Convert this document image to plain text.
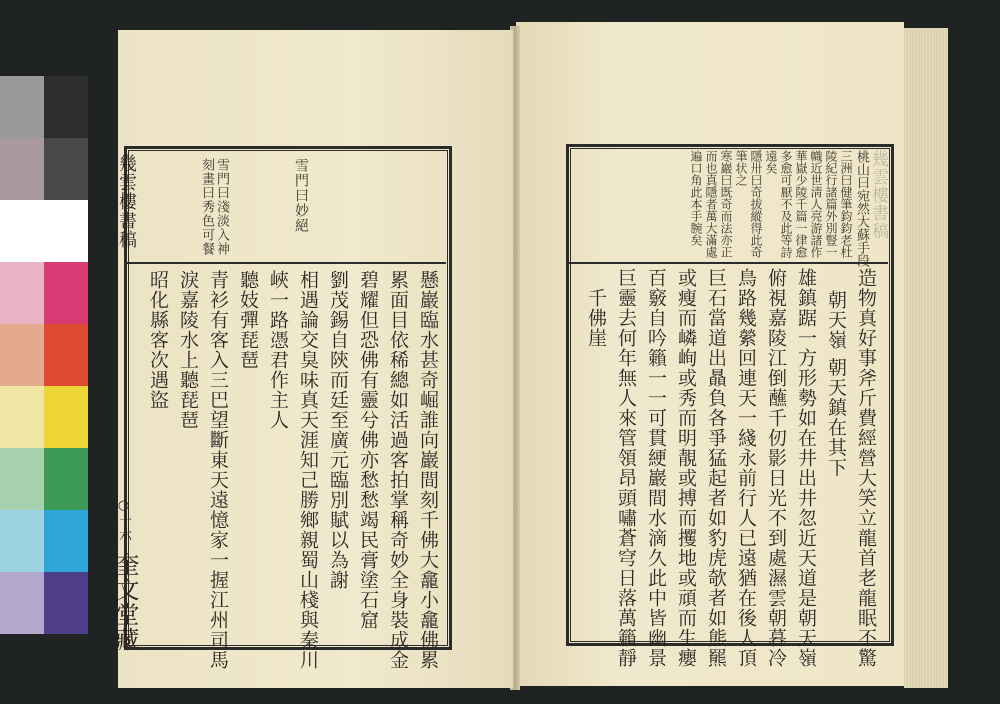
幾雲樓書稿
桃山曰宛然大蘇手段
三洲曰健筆鈞鈞老杜
陵紀行諸篇外別豎一
幟近世淸人亮游諸作
華嶽少陵千篇一律愈
多愈可厭不及此等詩
遠矣
隱卅曰奇拔縱得此奇
筆状之
寒巖曰既奇而法亦正
而也真隱者萬大滿處
遍口角此本手腕矣
造物真好事斧斤費經營大笑立龍首老龍眠不驚
朝天嶺 朝天鎮在其下
雄鎮踞一方形勢如在井出井忽近天道是朝天嶺
俯視嘉陵江倒蘸千仞影日光不到處濕雲朝暮冷
鳥路幾縈回連天一綫永前行人已遠猶在後人頂
巨石當道出贔負各爭猛起者如豹虎欹者如熊羆
或瘦而嶙峋或秀而明靚或搏而攫地或頑而生癭
百竅自吟籟一一可貫綆巖間水滴久此中皆幽景
巨靈去何年無人來管領昂頭嘯蒼穹日落萬籟靜
千佛崖
幾雲樓書稿
○十六
奎文堂藏
雪門曰淺淡入神
刻畫曰秀色可餐	雪門曰妙絕
懸巖臨水甚奇崛誰向巖間刻千佛大龕小龕佛累
累面目依稀總如活過客拍掌稱奇妙全身裝成金
碧耀但恐佛有靈兮佛亦愁愁竭民膏塗石窟
劉茂錫自陝而廷至廣元臨別賦以為謝
相遇論交臭味真天涯知己勝鄉親蜀山棧與秦川
峽一路憑君作主人
聽妓彈琵琶
青衫有客入三巴望斷東天遠憶家一握江州司馬
淚嘉陵水上聽琵琶
昭化縣客次遇盜
